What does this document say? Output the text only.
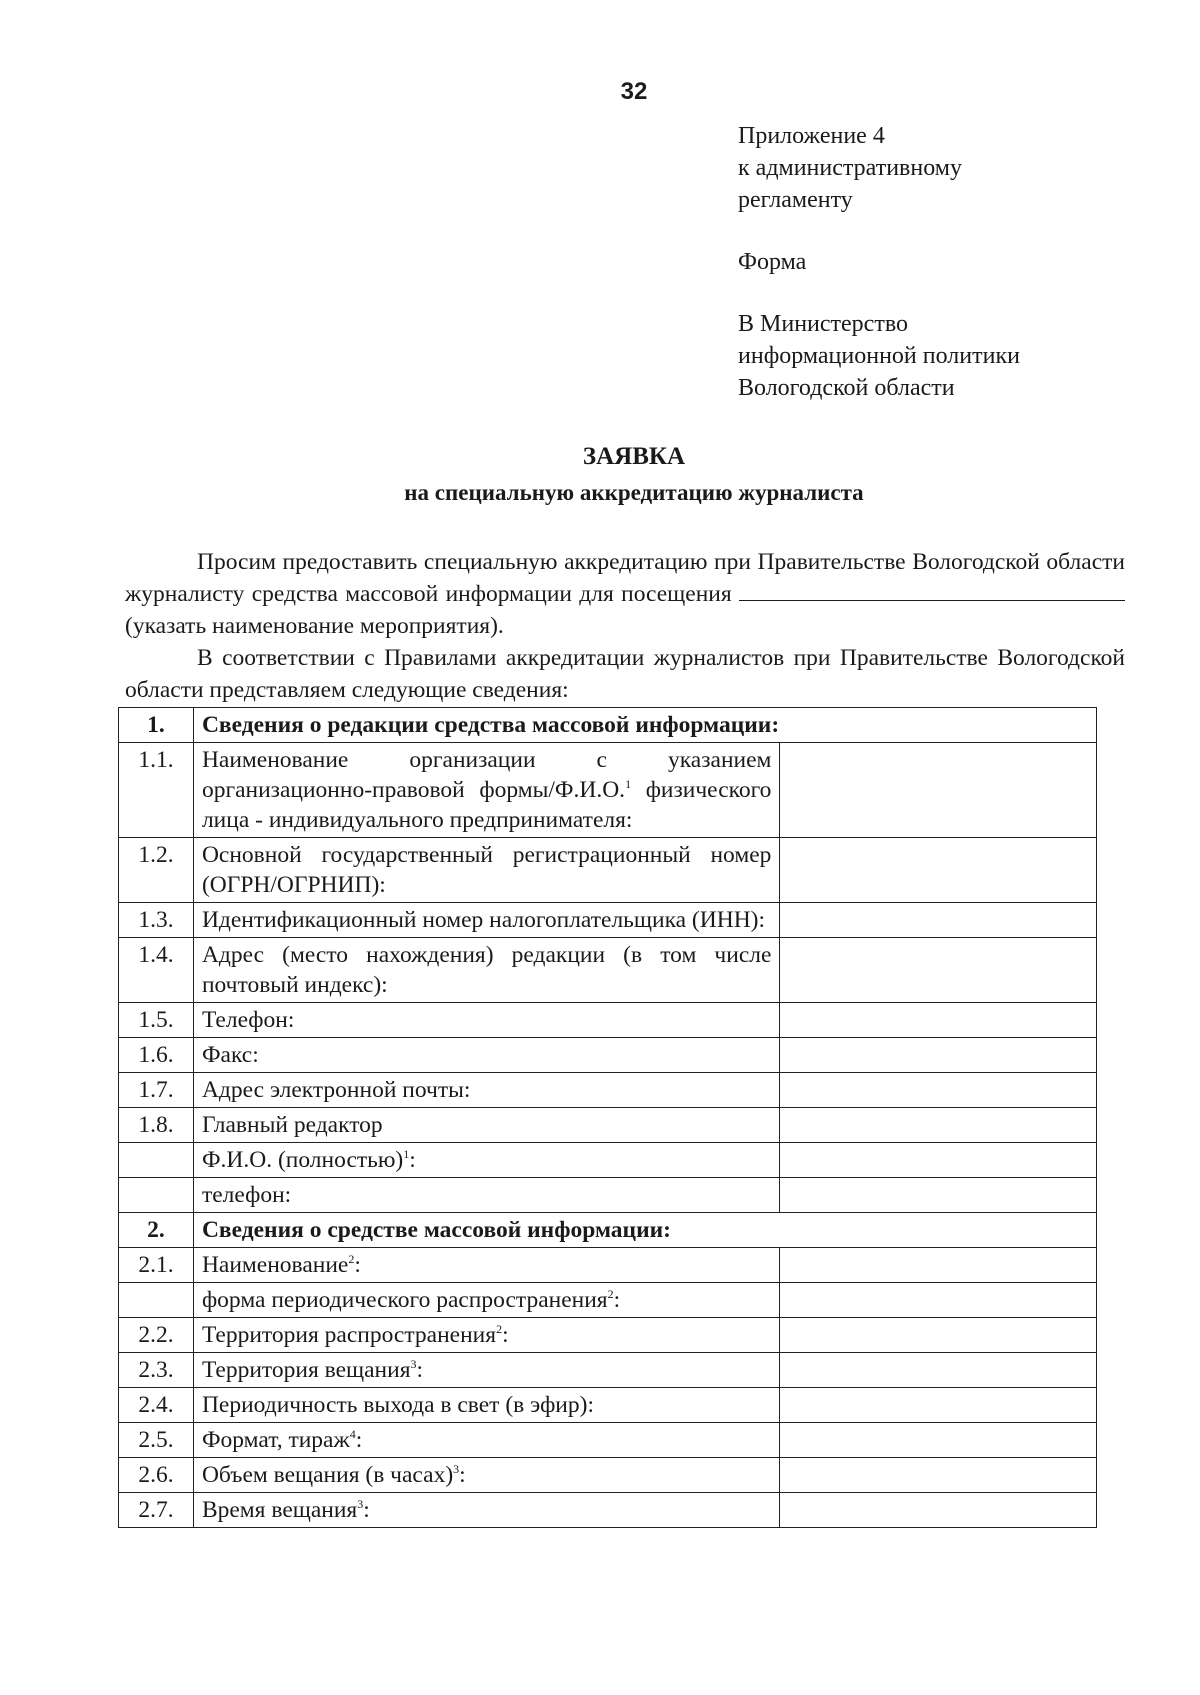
32
Приложение 4
к административному
регламенту
Форма
В Министерство
информационной политики
Вологодской области
ЗАЯВКА
на специальную аккредитацию журналиста
Просим предоставить специальную аккредитацию при Правительстве Вологодской области журналисту средства массовой информации для посещения  (указать наименование мероприятия).
В соответствии с Правилами аккредитации журналистов при Правительстве Вологодской области представляем следующие сведения:
1.	Сведения о редакции средства массовой информации:	
1.1.	Наименование организации с указанием организационно-правовой формы/Ф.И.О.$^1$ физического лица - индивидуального предпринимателя:	
1.2.	Основной государственный регистрационный номер (ОГРН/ОГРНИП):	
1.3.	Идентификационный номер налогоплательщика (ИНН):	
1.4.	Адрес (место нахождения) редакции (в том числе почтовый индекс):	
1.5.	Телефон:	
1.6.	Факс:	
1.7.	Адрес электронной почты:	
1.8.	Главный редактор	
	Ф.И.О. (полностью)$^1$:	
	телефон:	
2.	Сведения о средстве массовой информации:	
2.1.	Наименование$^2$:	
	форма периодического распространения$^2$:	
2.2.	Территория распространения$^2$:	
2.3.	Территория вещания$^3$:	
2.4.	Периодичность выхода в свет (в эфир):	
2.5.	Формат, тираж$^4$:	
2.6.	Объем вещания (в часах)$^3$:	
2.7.	Время вещания$^3$:	
